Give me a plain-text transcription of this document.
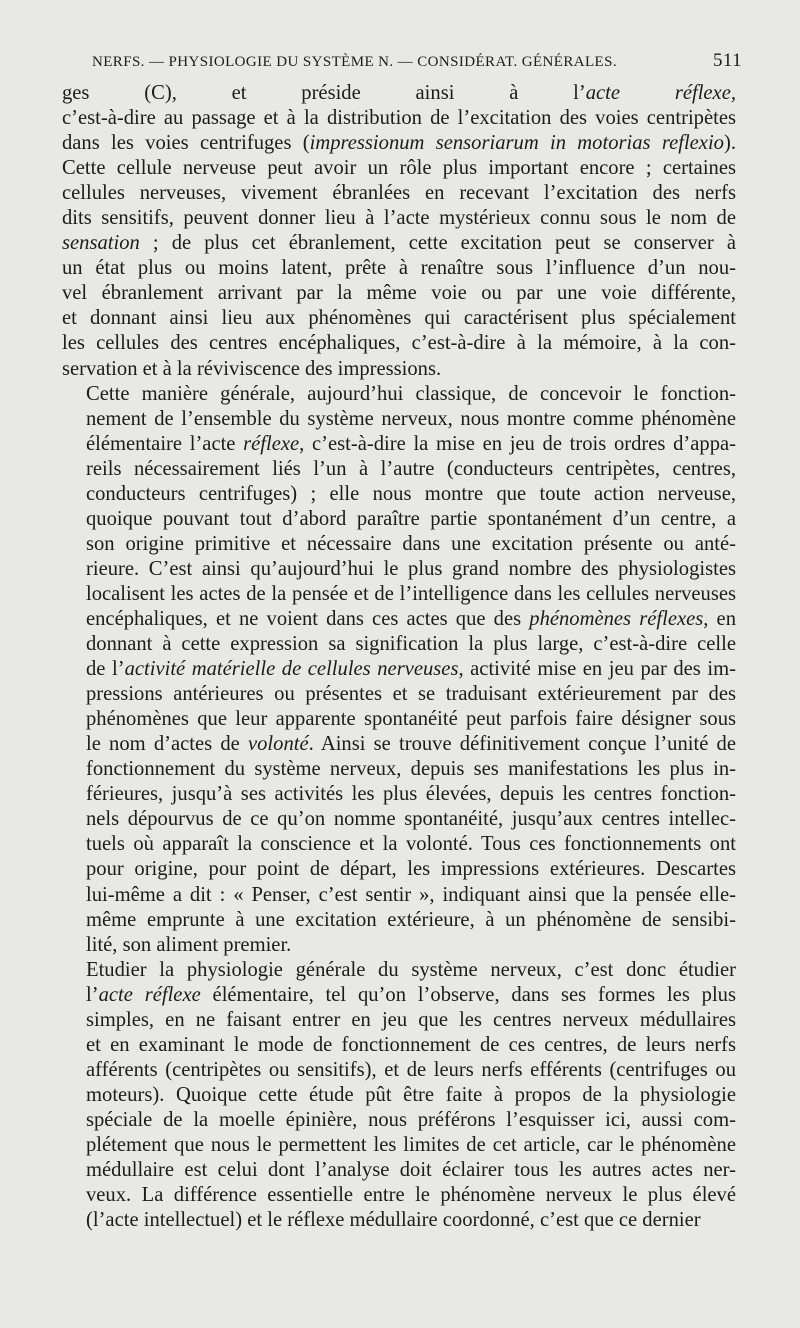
NERFS. — PHYSIOLOGIE DU SYSTÈME N. — CONSIDÉRAT. GÉNÉRALES.	511

ges (C), et préside ainsi à l’acte réflexe,
c’est-à-dire au passage et à la distribution de l’excitation des voies centripètes
dans les voies centrifuges (impressionum sensoriarum in motorias reflexio).
Cette cellule nerveuse peut avoir un rôle plus important encore ; certaines
cellules nerveuses, vivement ébranlées en recevant l’excitation des nerfs
dits sensitifs, peuvent donner lieu à l’acte mystérieux connu sous le nom de
sensation ; de plus cet ébranlement, cette excitation peut se conserver à
un état plus ou moins latent, prête à renaître sous l’influence d’un nou-
vel ébranlement arrivant par la même voie ou par une voie différente,
et donnant ainsi lieu aux phénomènes qui caractérisent plus spécialement
les cellules des centres encéphaliques, c’est-à-dire à la mémoire, à la con-
servation et à la réviviscence des impressions.

Cette manière générale, aujourd’hui classique, de concevoir le fonction-
nement de l’ensemble du système nerveux, nous montre comme phénomène
élémentaire l’acte réflexe, c’est-à-dire la mise en jeu de trois ordres d’appa-
reils nécessairement liés l’un à l’autre (conducteurs centripètes, centres,
conducteurs centrifuges) ; elle nous montre que toute action nerveuse,
quoique pouvant tout d’abord paraître partie spontanément d’un centre, a
son origine primitive et nécessaire dans une excitation présente ou anté-
rieure. C’est ainsi qu’aujourd’hui le plus grand nombre des physiologistes
localisent les actes de la pensée et de l’intelligence dans les cellules nerveuses
encéphaliques, et ne voient dans ces actes que des phénomènes réflexes, en
donnant à cette expression sa signification la plus large, c’est-à-dire celle
de l’activité matérielle de cellules nerveuses, activité mise en jeu par des im-
pressions antérieures ou présentes et se traduisant extérieurement par des
phénomènes que leur apparente spontanéité peut parfois faire désigner sous
le nom d’actes de volonté. Ainsi se trouve définitivement conçue l’unité de
fonctionnement du système nerveux, depuis ses manifestations les plus in-
férieures, jusqu’à ses activités les plus élevées, depuis les centres fonction-
nels dépourvus de ce qu’on nomme spontanéité, jusqu’aux centres intellec-
tuels où apparaît la conscience et la volonté. Tous ces fonctionnements ont
pour origine, pour point de départ, les impressions extérieures. Descartes
lui-même a dit : « Penser, c’est sentir », indiquant ainsi que la pensée elle-
même emprunte à une excitation extérieure, à un phénomène de sensibi-
lité, son aliment premier.

Etudier la physiologie générale du système nerveux, c’est donc étudier
l’acte réflexe élémentaire, tel qu’on l’observe, dans ses formes les plus
simples, en ne faisant entrer en jeu que les centres nerveux médullaires
et en examinant le mode de fonctionnement de ces centres, de leurs nerfs
afférents (centripètes ou sensitifs), et de leurs nerfs efférents (centrifuges ou
moteurs). Quoique cette étude pût être faite à propos de la physiologie
spéciale de la moelle épinière, nous préférons l’esquisser ici, aussi com-
plétement que nous le permettent les limites de cet article, car le phénomène
médullaire est celui dont l’analyse doit éclairer tous les autres actes ner-
veux. La différence essentielle entre le phénomène nerveux le plus élevé
(l’acte intellectuel) et le réflexe médullaire coordonné, c’est que ce dernier
